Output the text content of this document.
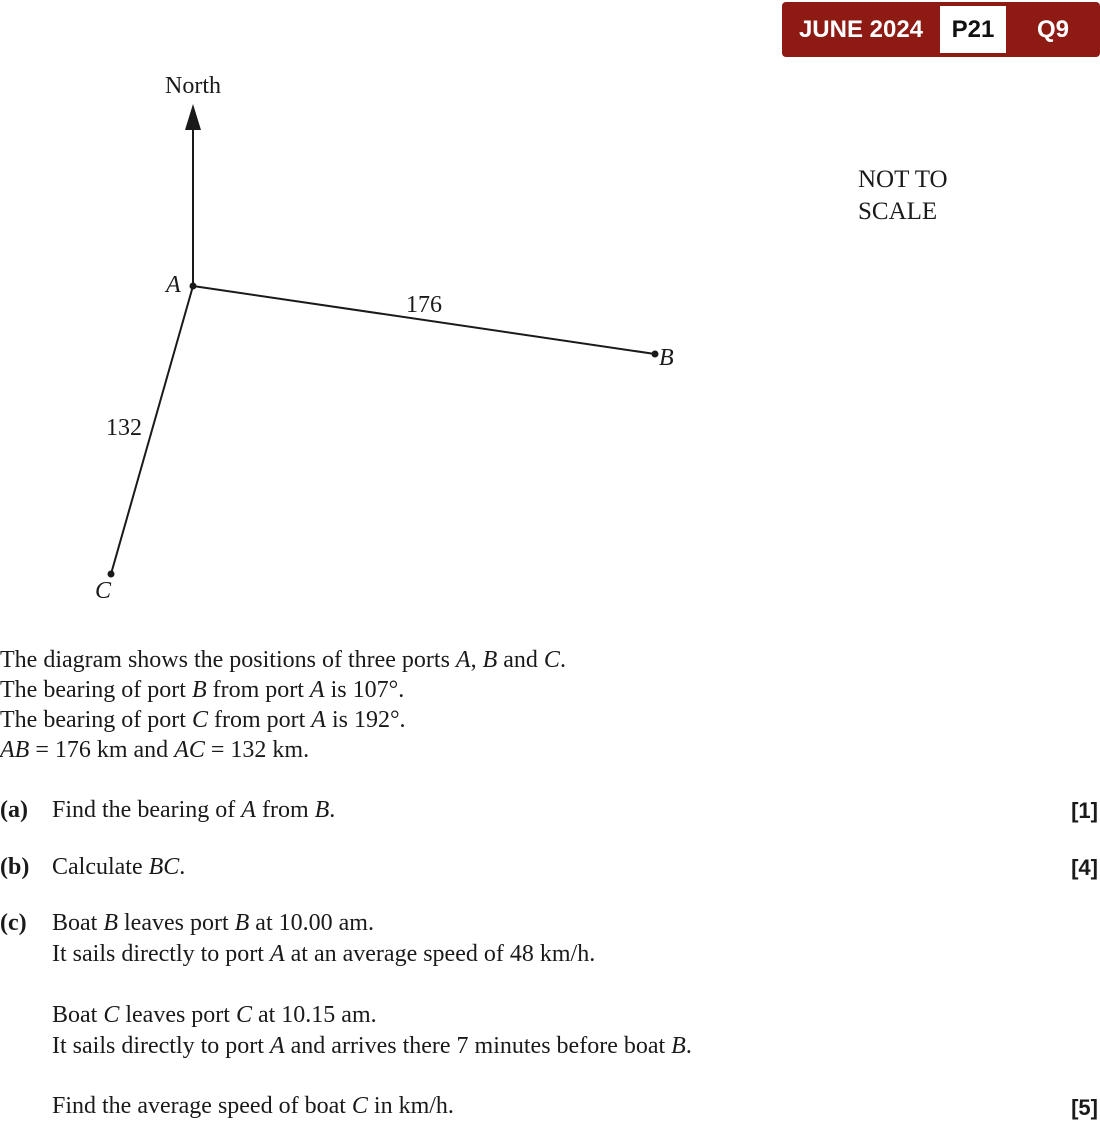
JUNE 2024	P21	Q9
North
A
B
C
176
132
NOT TO
SCALE
The diagram shows the positions of three ports A, B and C.
The bearing of port B from port A is 107°.
The bearing of port C from port A is 192°.
AB = 176 km and AC = 132 km.
(a) Find the bearing of A from B.	[1]
(b) Calculate BC.	[4]
(c) Boat B leaves port B at 10.00 am.
It sails directly to port A at an average speed of 48 km/h.
Boat C leaves port C at 10.15 am.
It sails directly to port A and arrives there 7 minutes before boat B.
Find the average speed of boat C in km/h.	[5]
